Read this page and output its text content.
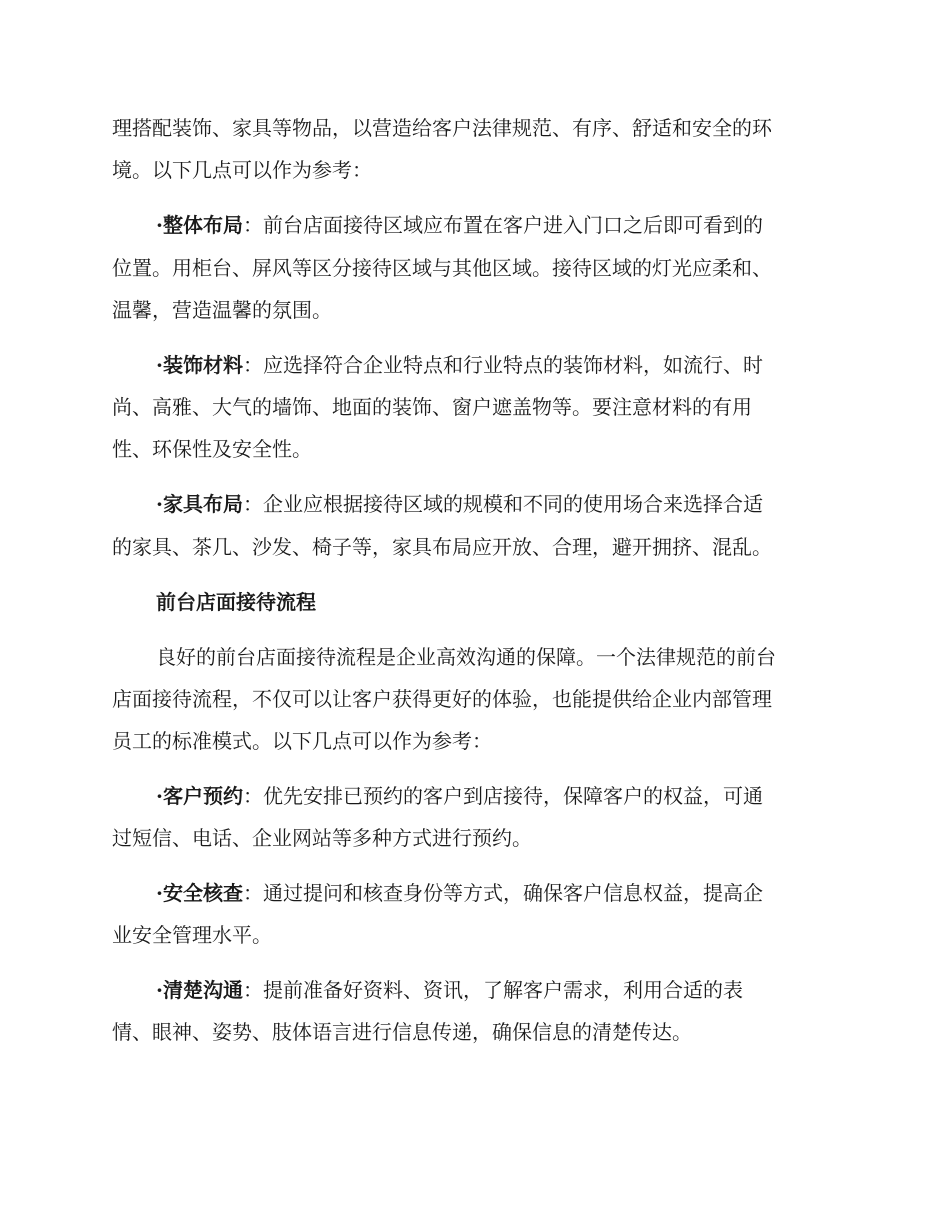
理搭配装饰、家具等物品，以营造给客户法律规范、有序、舒适和安全的环
境。以下几点可以作为参考：
·整体布局：前台店面接待区域应布置在客户进入门口之后即可看到的
位置。用柜台、屏风等区分接待区域与其他区域。接待区域的灯光应柔和、
温馨，营造温馨的氛围。
·装饰材料：应选择符合企业特点和行业特点的装饰材料，如流行、时
尚、高雅、大气的墙饰、地面的装饰、窗户遮盖物等。要注意材料的有用
性、环保性及安全性。
·家具布局：企业应根据接待区域的规模和不同的使用场合来选择合适
的家具、茶几、沙发、椅子等，家具布局应开放、合理，避开拥挤、混乱。
前台店面接待流程
良好的前台店面接待流程是企业高效沟通的保障。一个法律规范的前台
店面接待流程，不仅可以让客户获得更好的体验，也能提供给企业内部管理
员工的标准模式。以下几点可以作为参考：
·客户预约：优先安排已预约的客户到店接待，保障客户的权益，可通
过短信、电话、企业网站等多种方式进行预约。
·安全核查：通过提问和核查身份等方式，确保客户信息权益，提高企
业安全管理水平。
·清楚沟通：提前准备好资料、资讯，了解客户需求，利用合适的表
情、眼神、姿势、肢体语言进行信息传递，确保信息的清楚传达。
